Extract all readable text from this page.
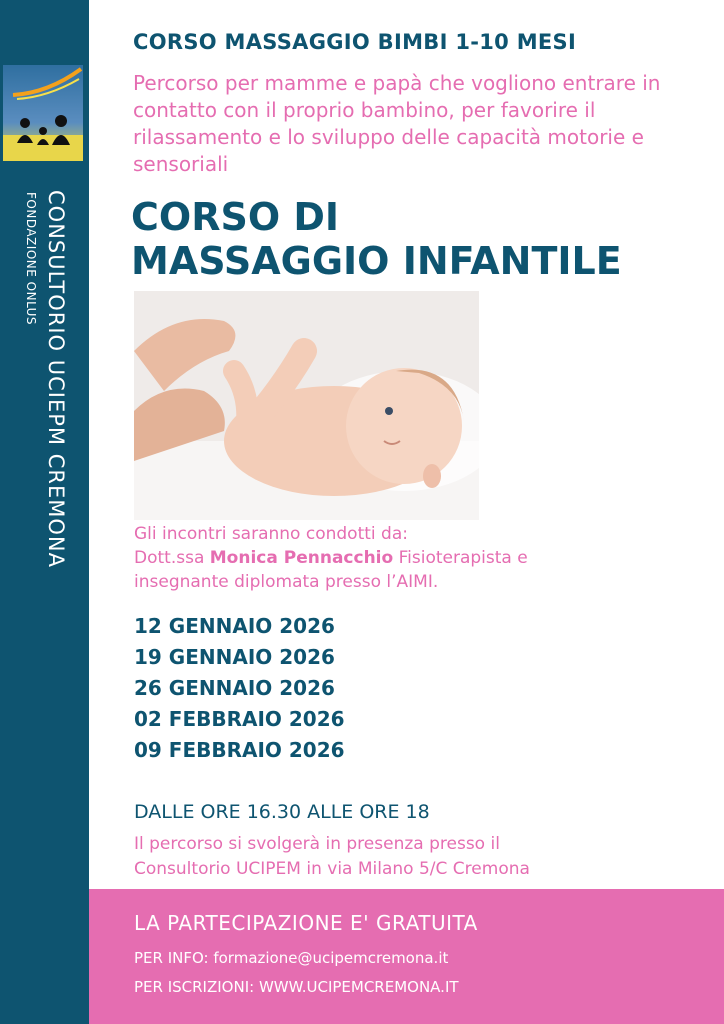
CONSULTORIO UCIEPM CREMONA
FONDAZIONE ONLUS
CORSO MASSAGGIO BIMBI 1-10 MESI
Percorso per mamme e papà che vogliono entrare in contatto con il proprio bambino, per favorire il rilassamento e lo sviluppo delle capacità motorie e sensoriali
CORSO DI
MASSAGGIO INFANTILE
Gli incontri saranno condotti da:
Dott.ssa Monica Pennacchio Fisioterapista e
insegnante diplomata presso l’AIMI.
12 GENNAIO 2026
19 GENNAIO 2026
26 GENNAIO 2026
02 FEBBRAIO 2026
09 FEBBRAIO 2026
DALLE ORE 16.30 ALLE ORE 18
Il percorso si svolgerà in presenza presso il
Consultorio UCIPEM in via Milano 5/C Cremona
LA PARTECIPAZIONE E' GRATUITA
PER INFO: formazione@ucipemcremona.it
PER ISCRIZIONI: WWW.UCIPEMCREMONA.IT
